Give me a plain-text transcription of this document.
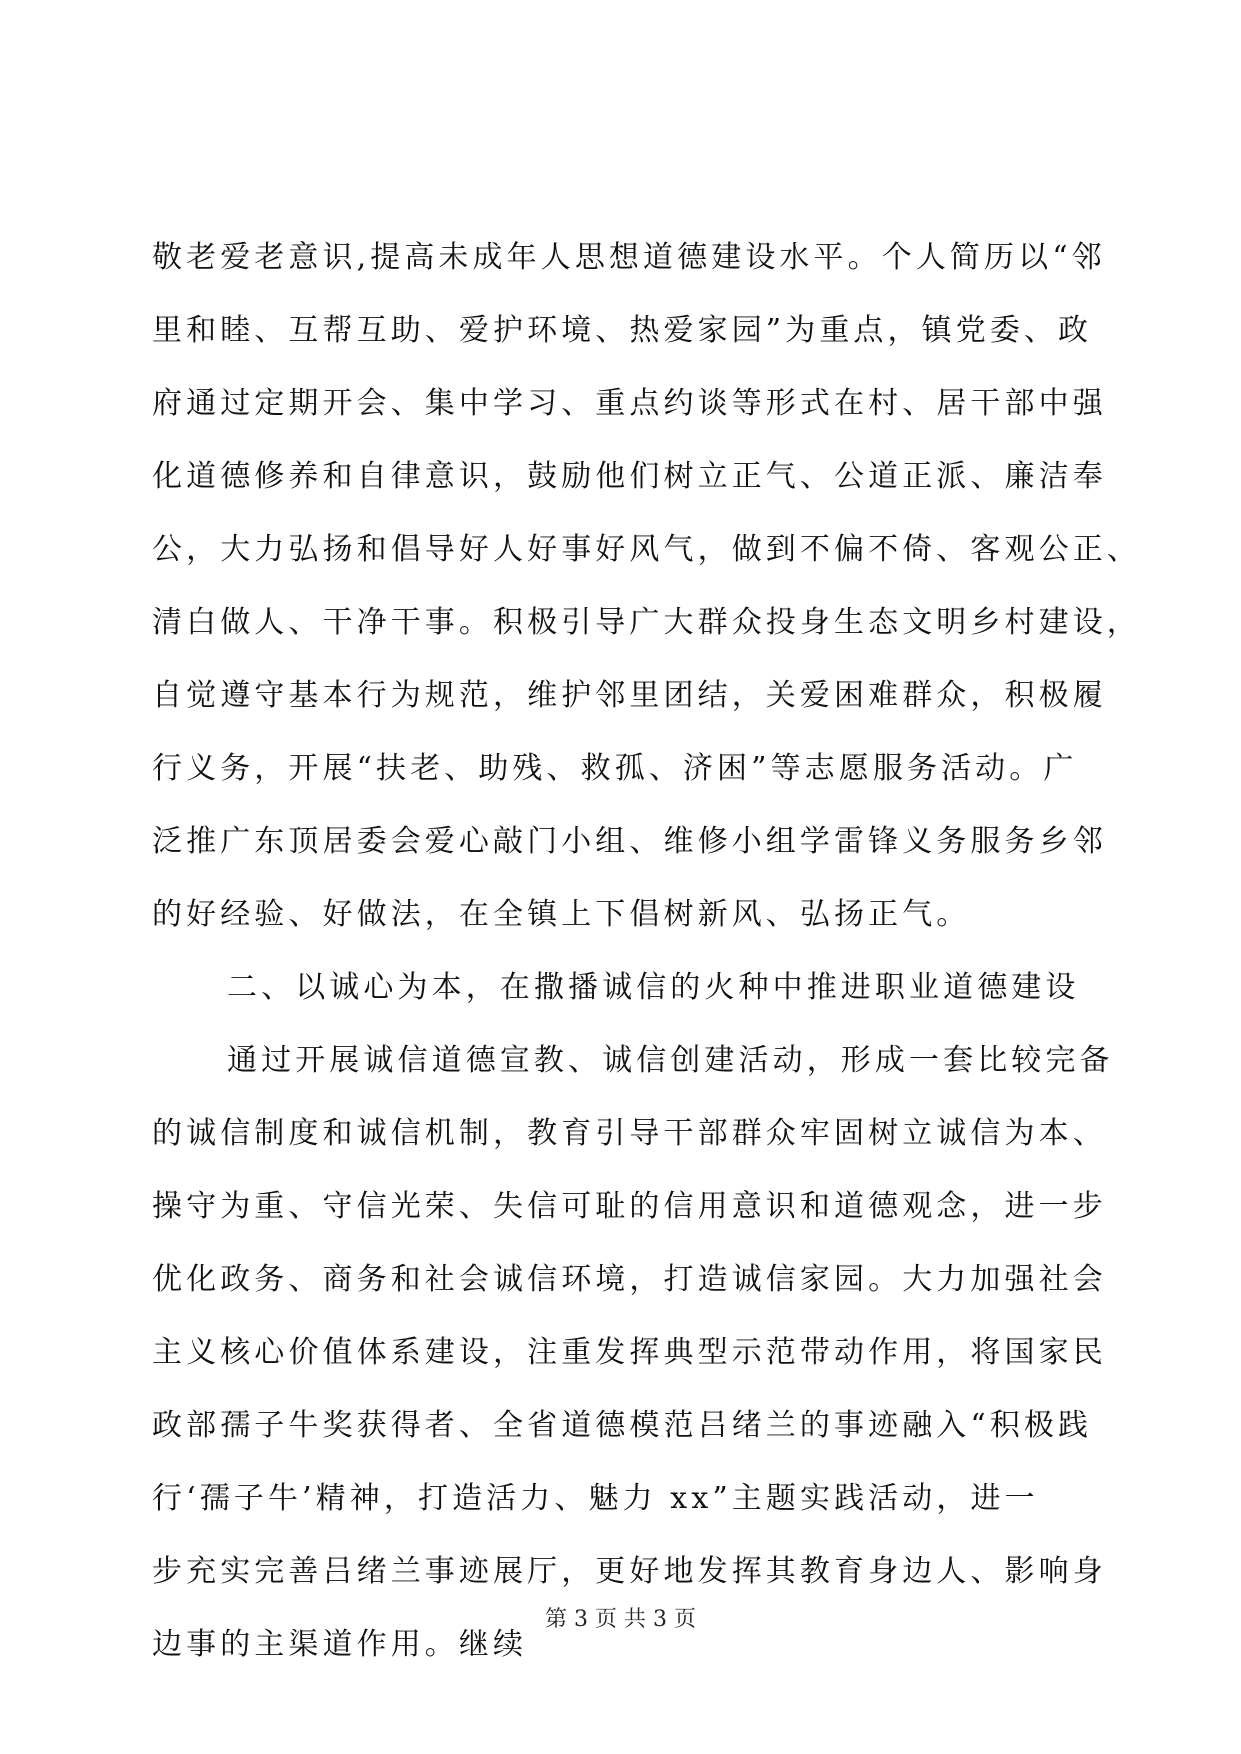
敬老爱老意识,提高未成年人思想道德建设水平。个人简历以“邻
里和睦、互帮互助、爱护环境、热爱家园”为重点，镇党委、政
府通过定期开会、集中学习、重点约谈等形式在村、居干部中强
化道德修养和自律意识，鼓励他们树立正气、公道正派、廉洁奉
公，大力弘扬和倡导好人好事好风气，做到不偏不倚、客观公正、
清白做人、干净干事。积极引导广大群众投身生态文明乡村建设，
自觉遵守基本行为规范，维护邻里团结，关爱困难群众，积极履
行义务，开展“扶老、助残、救孤、济困”等志愿服务活动。广
泛推广东顶居委会爱心敲门小组、维修小组学雷锋义务服务乡邻
的好经验、好做法，在全镇上下倡树新风、弘扬正气。
二、以诚心为本，在撒播诚信的火种中推进职业道德建设
通过开展诚信道德宣教、诚信创建活动，形成一套比较完备
的诚信制度和诚信机制，教育引导干部群众牢固树立诚信为本、
操守为重、守信光荣、失信可耻的信用意识和道德观念，进一步
优化政务、商务和社会诚信环境，打造诚信家园。大力加强社会
主义核心价值体系建设，注重发挥典型示范带动作用，将国家民
政部孺子牛奖获得者、全省道德模范吕绪兰的事迹融入“积极践
行‘孺子牛’精神，打造活力、魅力 xx”主题实践活动，进一
步充实完善吕绪兰事迹展厅，更好地发挥其教育身边人、影响身
边事的主渠道作用。继续
第 3 页 共 3 页
